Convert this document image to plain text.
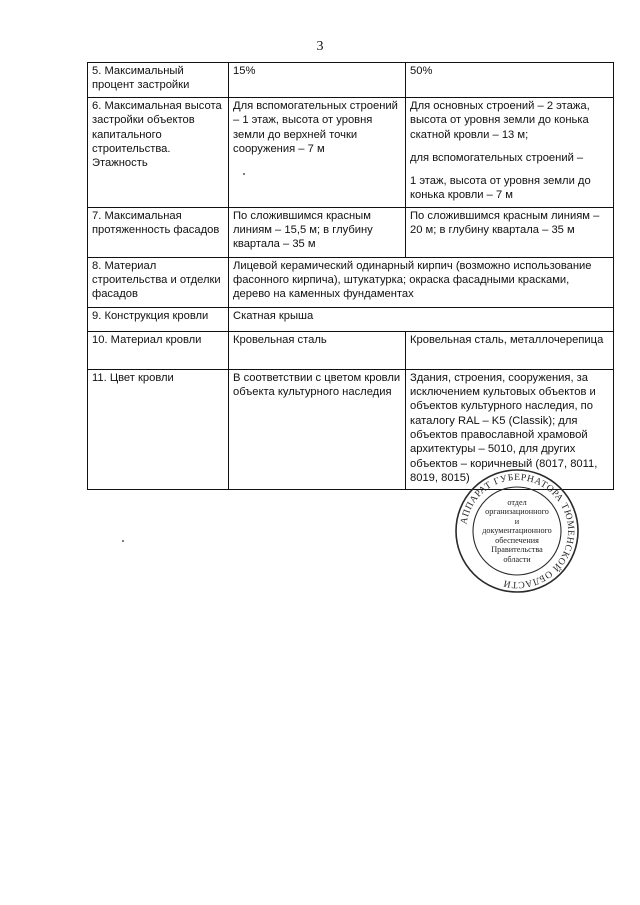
3
5. Максимальный процент застройки	15%	50%

6. Максимальная высота застройки объектов капитального строительства. Этажность	Для вспомогательных строений – 1 этаж, высота от уровня земли до верхней точки сооружения – 7 м	Для основных строений – 2 этажа, высота от уровня земли до конька скатной кровли – 13 м;

для вспомогательных строений –

1 этаж, высота от уровня земли до конька кровли – 7 м

7. Максимальная протяженность фасадов	По сложившимся красным линиям – 15,5 м; в глубину квартала – 35 м	По сложившимся красным линиям – 20 м; в глубину квартала – 35 м

8. Материал строительства и отделки фасадов	Лицевой керамический одинарный кирпич (возможно использование фасонного кирпича), штукатурка; окраска фасадными красками, дерево на каменных фундаментах	
9. Конструкция кровли	Скатная крыша	
10. Материал кровли	Кровельная сталь	Кровельная сталь, металлочерепица

11. Цвет кровли	В соответствии с цветом кровли объекта культурного наследия	Здания, строения, сооружения, за исключением культовых объектов и объектов культурного наследия, по каталогу RAL – K5 (Classik); для объектов православной храмовой архитектуры – 5010, для других объектов – коричневый (8017, 8011, 8019, 8015)

АППАРАТ ГУБЕРНАТОРА ТЮМЕНСКОЙ ОБЛАСТИ
отдел
организационного
и
документационного
обеспечения
Правительства
области
